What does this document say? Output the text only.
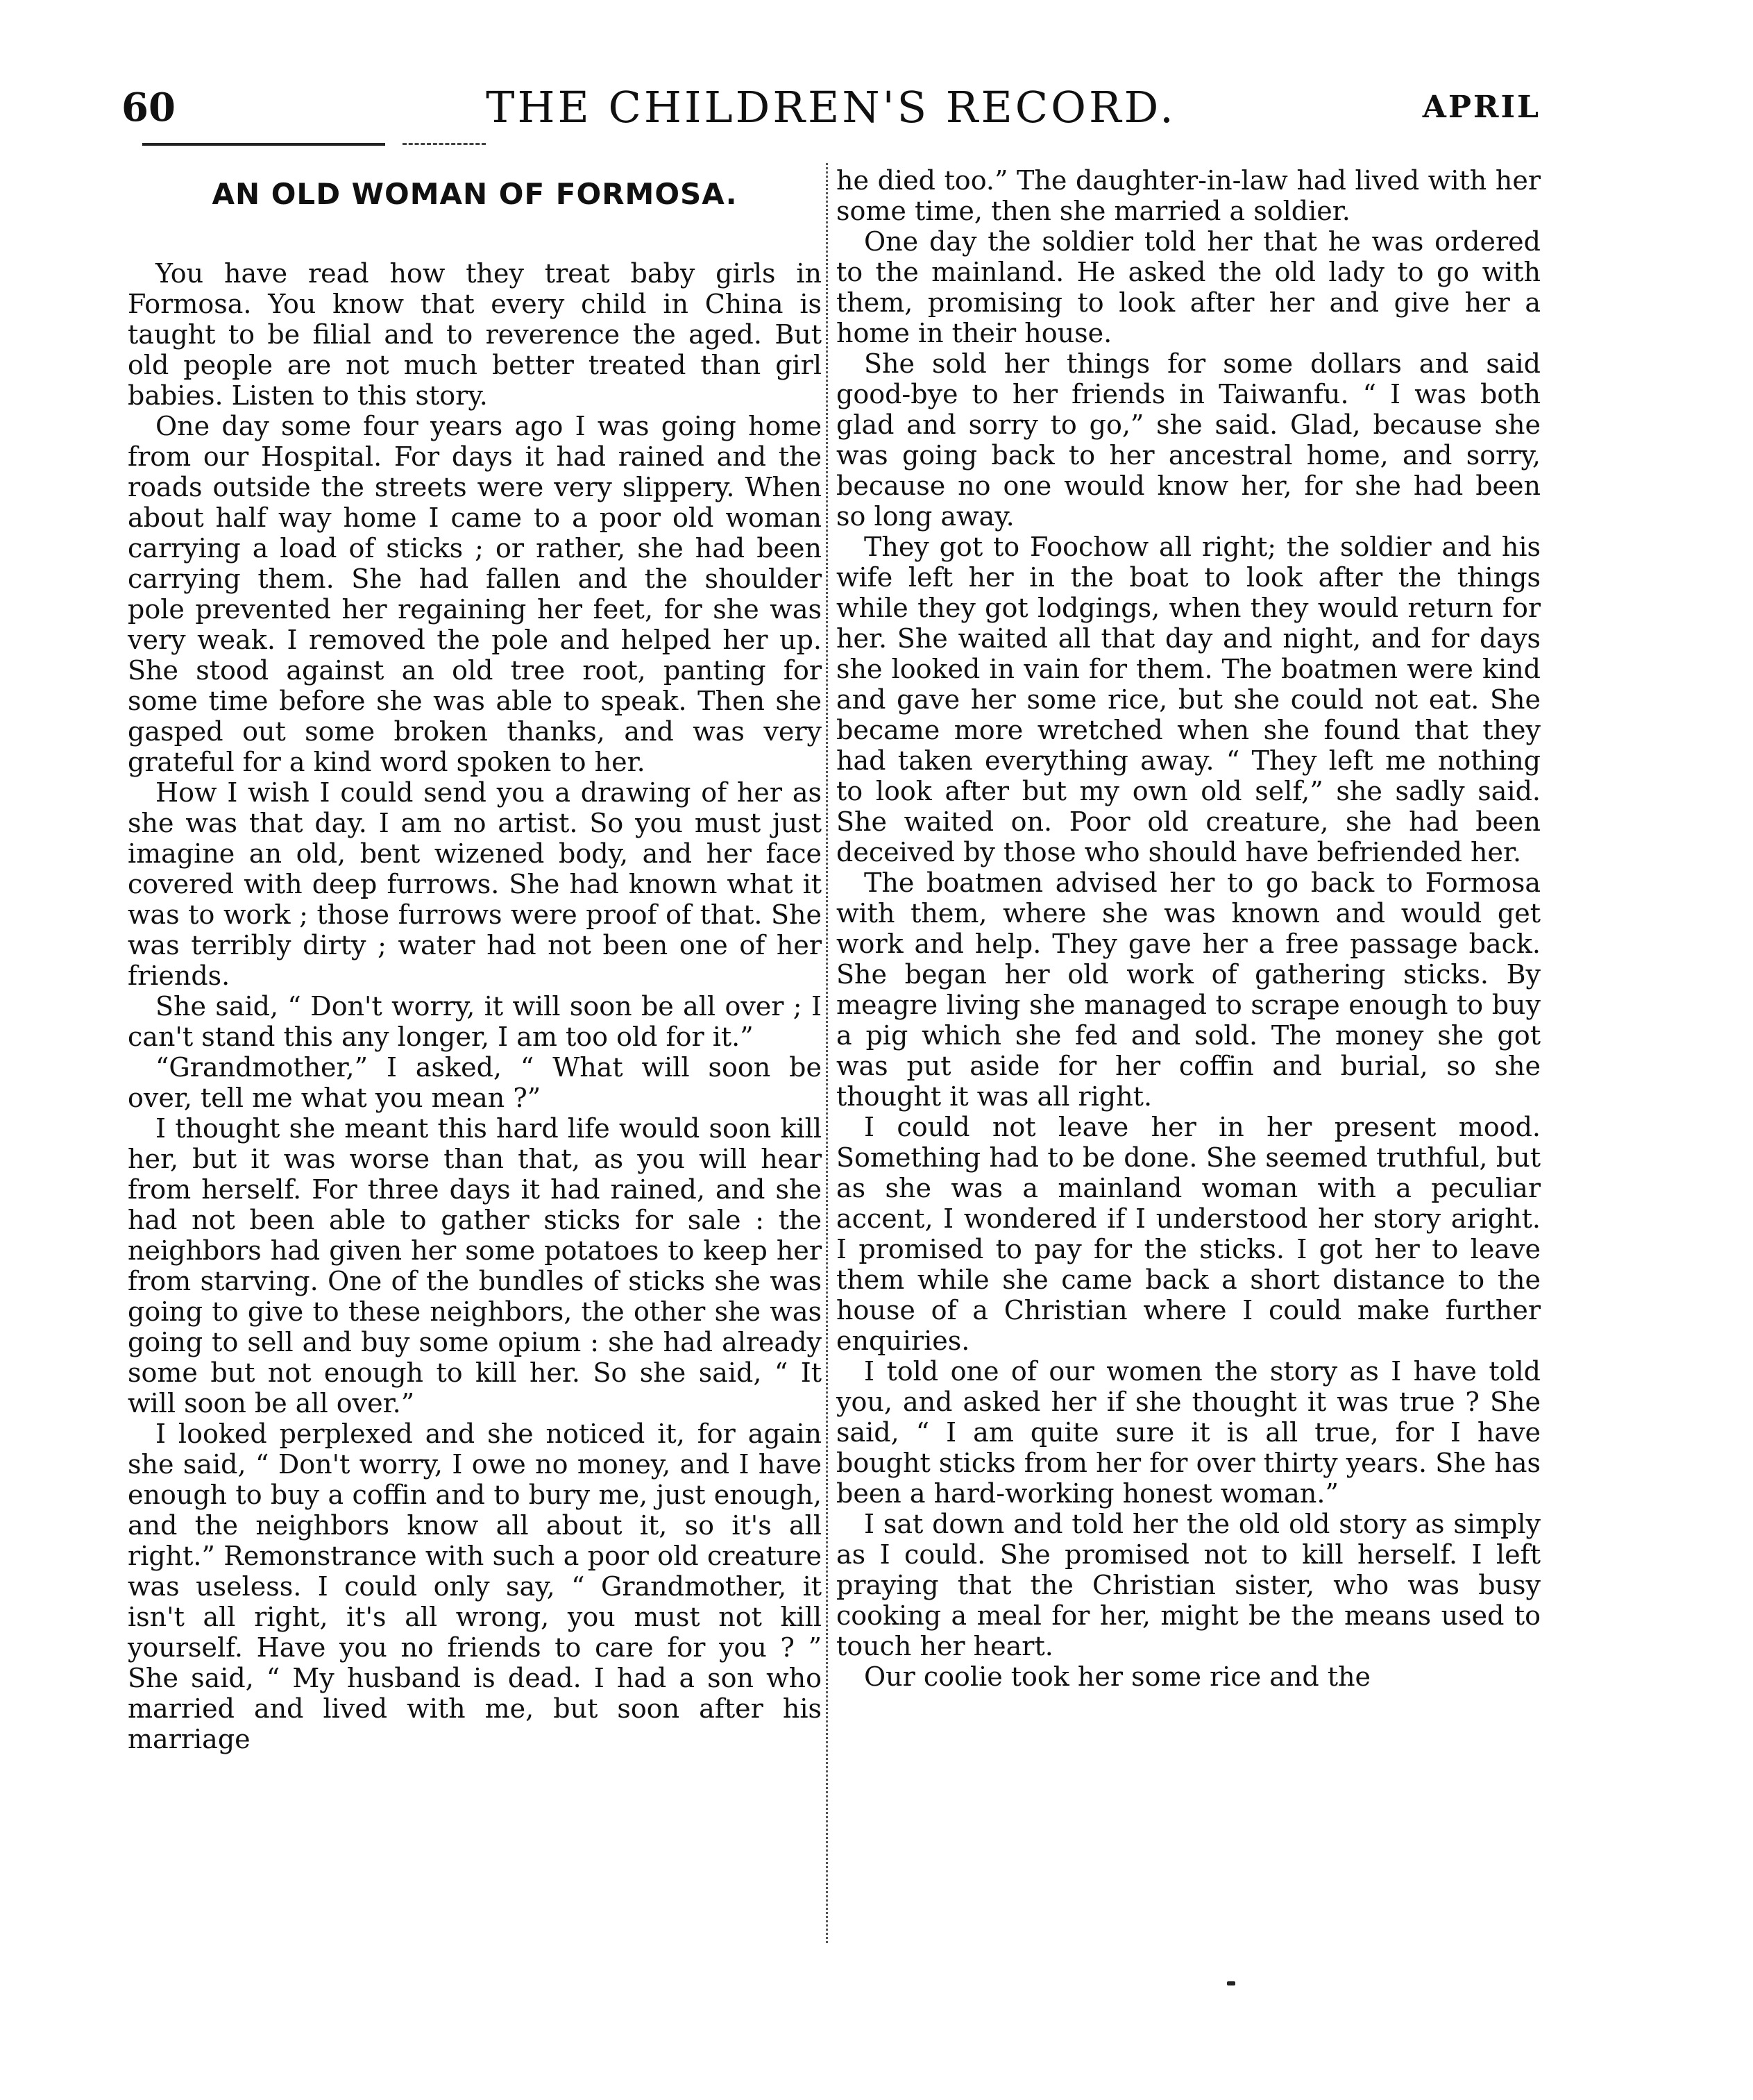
60	THE CHILDREN'S RECORD.	APRIL
AN OLD WOMAN OF FORMOSA.

You have read how they treat baby girls in Formosa. You know that every child in China is taught to be filial and to reverence the aged. But old people are not much better treated than girl babies. Listen to this story.

One day some four years ago I was going home from our Hospital. For days it had rained and the roads outside the streets were very slippery. When about half way home I came to a poor old woman carrying a load of sticks ; or rather, she had been carrying them. She had fallen and the shoulder pole prevented her regaining her feet, for she was very weak. I removed the pole and helped her up. She stood against an old tree root, panting for some time before she was able to speak. Then she gasped out some broken thanks, and was very grateful for a kind word spoken to her.

How I wish I could send you a drawing of her as she was that day. I am no artist. So you must just imagine an old, bent wizened body, and her face covered with deep furrows. She had known what it was to work ; those furrows were proof of that. She was terribly dirty ; water had not been one of her friends.

She said, “ Don't worry, it will soon be all over ; I can't stand this any longer, I am too old for it.”

“Grandmother,” I asked, “ What will soon be over, tell me what you mean ?”

I thought she meant this hard life would soon kill her, but it was worse than that, as you will hear from herself. For three days it had rained, and she had not been able to gather sticks for sale : the neighbors had given her some potatoes to keep her from starving. One of the bundles of sticks she was going to give to these neighbors, the other she was going to sell and buy some opium : she had already some but not enough to kill her. So she said, “ It will soon be all over.”

I looked perplexed and she noticed it, for again she said, “ Don't worry, I owe no money, and I have enough to buy a coffin and to bury me, just enough, and the neighbors know all about it, so it's all right.” Remonstrance with such a poor old creature was useless. I could only say, “ Grandmother, it isn't all right, it's all wrong, you must not kill yourself. Have you no friends to care for you ? ” She said, “ My husband is dead. I had a son who married and lived with me, but soon after his marriage

he died too.” The daughter-in-law had lived with her some time, then she married a soldier.

One day the soldier told her that he was ordered to the mainland. He asked the old lady to go with them, promising to look after her and give her a home in their house.

She sold her things for some dollars and said good-bye to her friends in Taiwanfu. “ I was both glad and sorry to go,” she said. Glad, because she was going back to her ancestral home, and sorry, because no one would know her, for she had been so long away.

They got to Foochow all right; the soldier and his wife left her in the boat to look after the things while they got lodgings, when they would return for her. She waited all that day and night, and for days she looked in vain for them. The boatmen were kind and gave her some rice, but she could not eat. She became more wretched when she found that they had taken everything away. “ They left me nothing to look after but my own old self,” she sadly said. She waited on. Poor old creature, she had been deceived by those who should have befriended her.

The boatmen advised her to go back to Formosa with them, where she was known and would get work and help. They gave her a free passage back. She began her old work of gathering sticks. By meagre living she managed to scrape enough to buy a pig which she fed and sold. The money she got was put aside for her coffin and burial, so she thought it was all right.

I could not leave her in her present mood. Something had to be done. She seemed truthful, but as she was a mainland woman with a peculiar accent, I wondered if I understood her story aright. I promised to pay for the sticks. I got her to leave them while she came back a short distance to the house of a Christian where I could make further enquiries.

I told one of our women the story as I have told you, and asked her if she thought it was true ? She said, “ I am quite sure it is all true, for I have bought sticks from her for over thirty years. She has been a hard-working honest woman.”

I sat down and told her the old old story as simply as I could. She promised not to kill herself. I left praying that the Christian sister, who was busy cooking a meal for her, might be the means used to touch her heart.

Our coolie took her some rice and the
